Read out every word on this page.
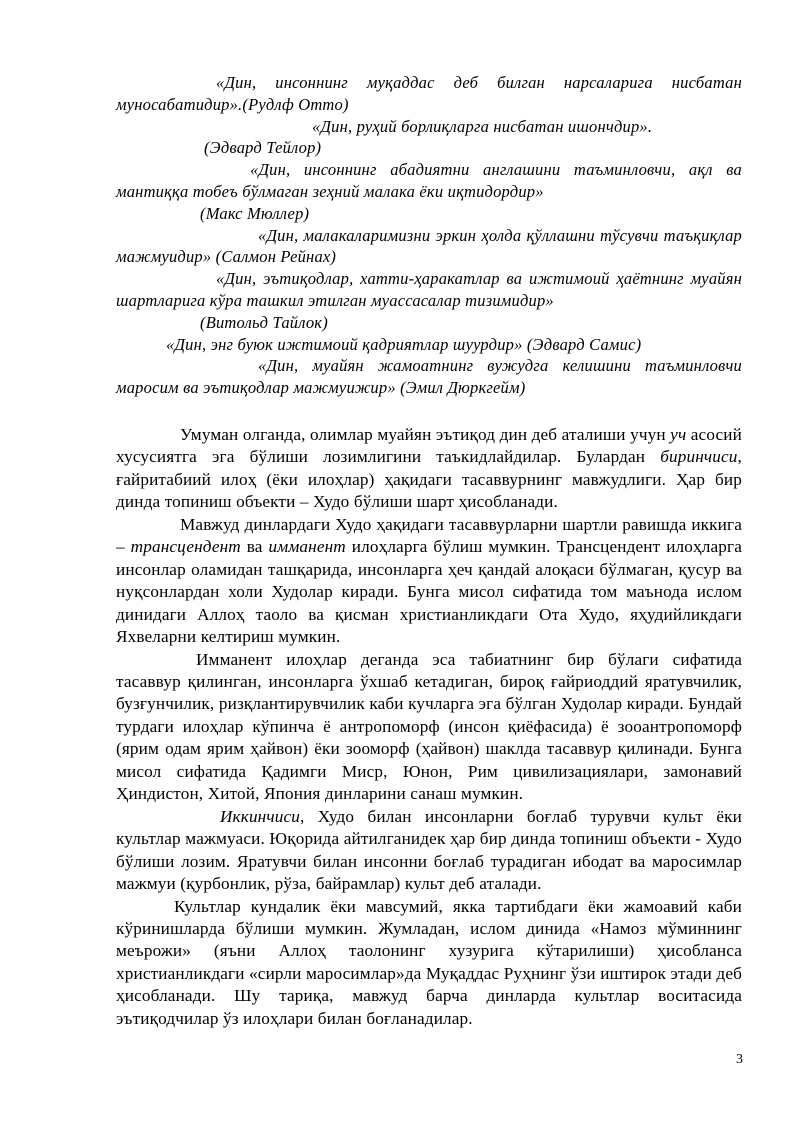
«Дин, инсоннинг муқаддас деб билган нарсаларига нисбатан муносабатидир».(Рудлф Отто)

«Дин, руҳий борлиқларга нисбатан ишончдир».
(Эдвард Тейлор)

«Дин, инсоннинг абадиятни англашини таъминловчи, ақл ва мантиққа тобеъ бўлмаган зеҳний малака ёки иқтидордир»
(Макс Мюллер)

«Дин, малакаларимизни эркин ҳолда қўллашни тўсувчи таъқиқлар мажмуидир» (Салмон Рейнах)

«Дин, эътиқодлар, хатти-ҳаракатлар ва ижтимоий ҳаётнинг муайян шартларига кўра ташкил этилган муассасалар тизимидир»
(Витольд Тайлок)

«Дин, энг буюк ижтимоий қадриятлар шуурдир» (Эдвард Самис)

«Дин, муайян жамоатнинг вужудга келишини таъминловчи маросим ва эътиқодлар мажмуижир» (Эмил Дюркгейм)

Умуман олганда, олимлар муайян эътиқод дин деб аталиши учун уч асосий хусусиятга эга бўлиши лозимлигини таъкидлайдилар. Булардан биринчиси, ғайритабиий илоҳ (ёки илоҳлар) ҳақидаги тасаввурнинг мавжудлиги. Ҳар бир динда топиниш объекти – Худо бўлиши шарт ҳисобланади.

Мавжуд динлардаги Худо ҳақидаги тасаввурларни шартли равишда иккига – трансцендент ва имманент илоҳларга бўлиш мумкин. Трансцендент илоҳларга инсонлар оламидан ташқарида, инсонларга ҳеч қандай алоқаси бўлмаган, қусур ва нуқсонлардан холи Худолар киради. Бунга мисол сифатида том маънода ислом динидаги Аллоҳ таоло ва қисман христианликдаги Ота Худо, яҳудийликдаги Яхвеларни келтириш мумкин.

Имманент илоҳлар деганда эса табиатнинг бир бўлаги сифатида тасаввур қилинган, инсонларга ўхшаб кетадиган, бироқ ғайриоддий яратувчилик, бузғунчилик, ризқлантирувчилик каби кучларга эга бўлган Худолар киради. Бундай турдаги илоҳлар кўпинча ё антропоморф (инсон қиёфасида) ё зооантропоморф (ярим одам ярим ҳайвон) ёки зооморф (ҳайвон) шаклда тасаввур қилинади. Бунга мисол сифатида Қадимги Миср, Юнон, Рим цивилизациялари, замонавий Ҳиндистон, Хитой, Япония динларини санаш мумкин.

Иккинчиси, Худо билан инсонларни боғлаб турувчи культ ёки культлар мажмуаси. Юқорида айтилганидек ҳар бир динда топиниш объекти - Худо бўлиши лозим. Яратувчи билан инсонни боғлаб турадиган ибодат ва маросимлар мажмуи (қурбонлик, рўза, байрамлар) культ деб аталади.

Культлар кундалик ёки мавсумий, якка тартибдаги ёки жамоавий каби кўринишларда бўлиши мумкин. Жумладан, ислом динида «Намоз мўминнинг меърожи» (яъни Аллоҳ таолонинг хузурига кўтарилиши) ҳисобланса христианликдаги «сирли маросимлар»да Муқаддас Руҳнинг ўзи иштирок этади деб ҳисобланади. Шу тариқа, мавжуд барча динларда культлар воситасида эътиқодчилар ўз илоҳлари билан боғланадилар.

3
